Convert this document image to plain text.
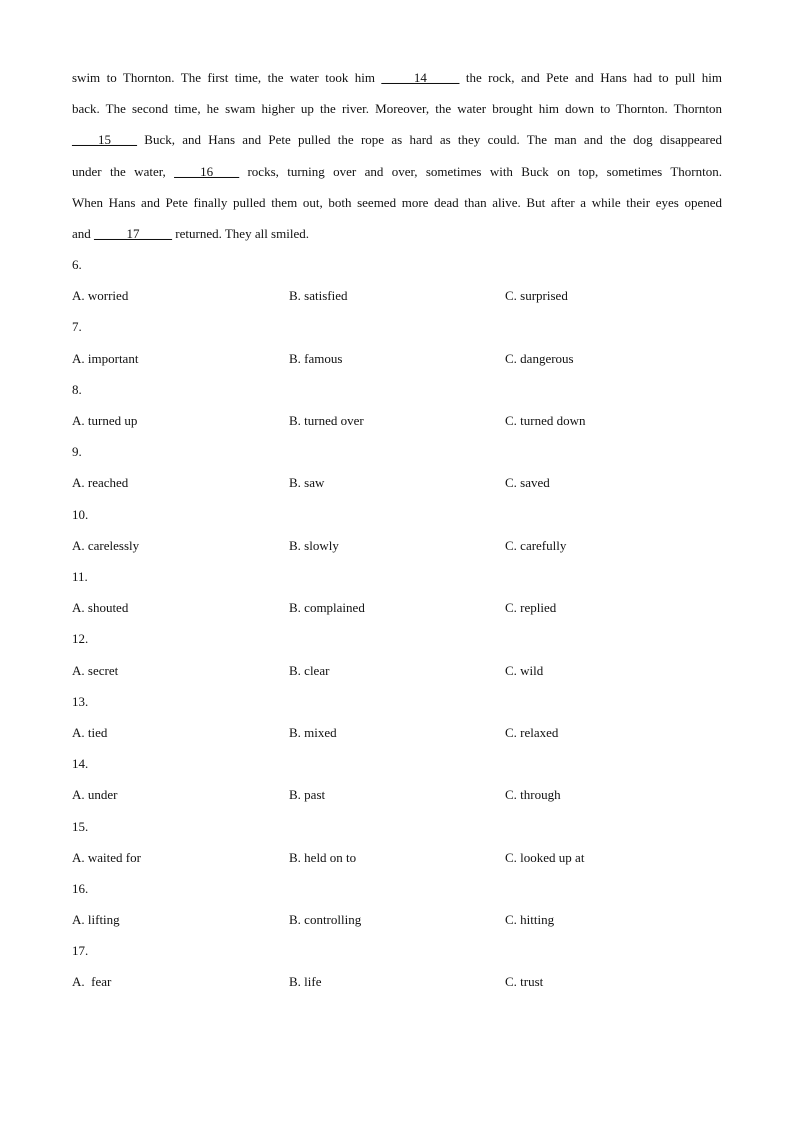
swim to Thornton. The first time, the water took him _____14_____ the rock, and Pete and Hans had to pull him
back. The second time, he swam higher up the river. Moreover, the water brought him down to Thornton. Thornton
____15____ Buck, and Hans and Pete pulled the rope as hard as they could. The man and the dog disappeared
under the water, ____16____ rocks, turning over and over, sometimes with Buck on top, sometimes Thornton.
When Hans and Pete finally pulled them out, both seemed more dead than alive. But after a while their eyes opened
and _____17_____ returned. They all smiled.
6.
A. worried	B. satisfied	C. surprised
7.
A. important	B. famous	C. dangerous
8.
A. turned up	B. turned over	C. turned down
9.
A. reached	B. saw	C. saved
10.
A. carelessly	B. slowly	C. carefully
11.
A. shouted	B. complained	C. replied
12.
A. secret	B. clear	C. wild
13.
A. tied	B. mixed	C. relaxed
14.
A. under	B. past	C. through
15.
A. waited for	B. held on to	C. looked up at
16.
A. lifting	B. controlling	C. hitting
17.
A.  fear	B. life	C. trust
